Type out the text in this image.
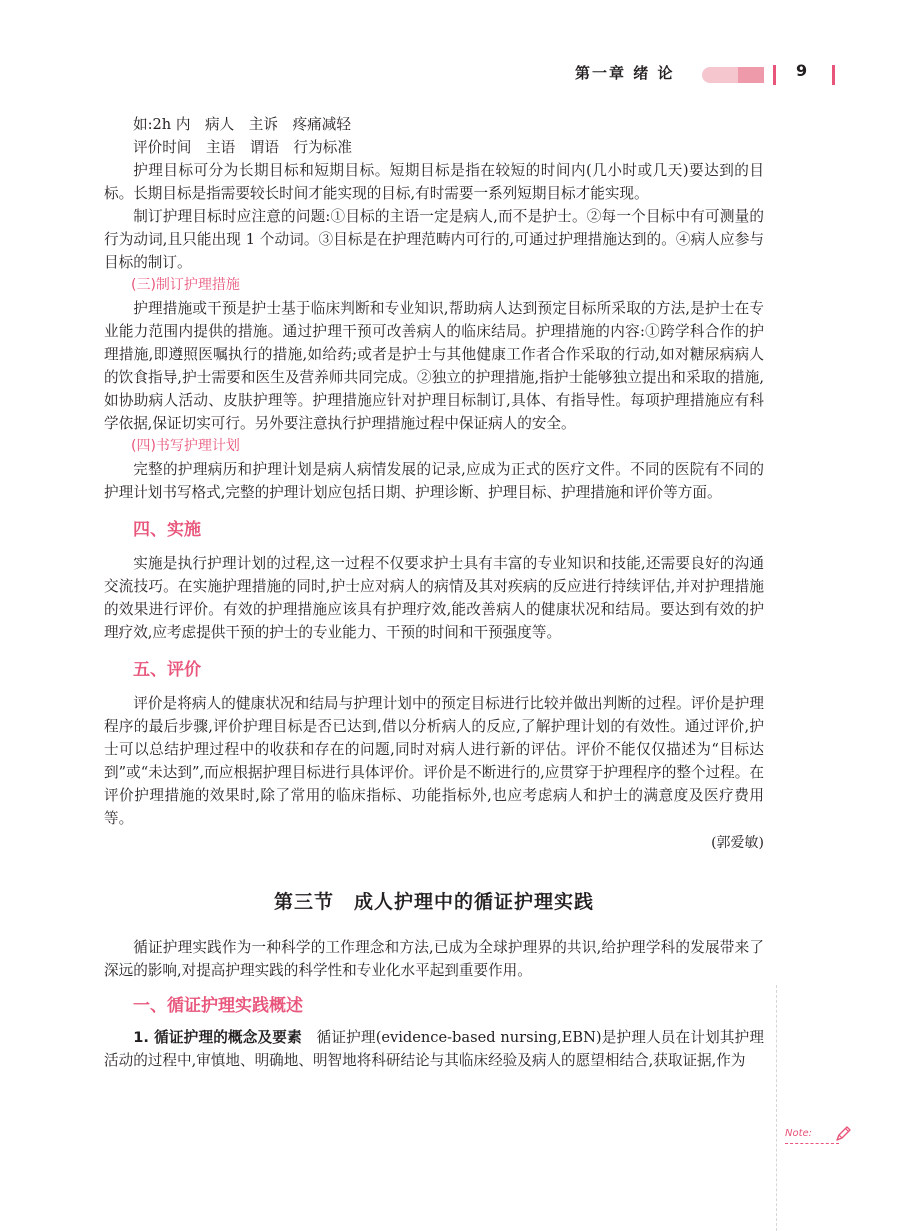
第一章 绪 论	9

如:2h 内　病人　主诉　疼痛减轻

评价时间　主语　谓语　行为标准

护理目标可分为长期目标和短期目标。短期目标是指在较短的时间内(几小时或几天)要达到的目标。长期目标是指需要较长时间才能实现的目标,有时需要一系列短期目标才能实现。

制订护理目标时应注意的问题:①目标的主语一定是病人,而不是护士。②每一个目标中有可测量的行为动词,且只能出现 1 个动词。③目标是在护理范畴内可行的,可通过护理措施达到的。④病人应参与目标的制订。

(三)制订护理措施

护理措施或干预是护士基于临床判断和专业知识,帮助病人达到预定目标所采取的方法,是护士在专业能力范围内提供的措施。通过护理干预可改善病人的临床结局。护理措施的内容:①跨学科合作的护理措施,即遵照医嘱执行的措施,如给药;或者是护士与其他健康工作者合作采取的行动,如对糖尿病病人的饮食指导,护士需要和医生及营养师共同完成。②独立的护理措施,指护士能够独立提出和采取的措施,如协助病人活动、皮肤护理等。护理措施应针对护理目标制订,具体、有指导性。每项护理措施应有科学依据,保证切实可行。另外要注意执行护理措施过程中保证病人的安全。

(四)书写护理计划

完整的护理病历和护理计划是病人病情发展的记录,应成为正式的医疗文件。不同的医院有不同的护理计划书写格式,完整的护理计划应包括日期、护理诊断、护理目标、护理措施和评价等方面。

四、实施

实施是执行护理计划的过程,这一过程不仅要求护士具有丰富的专业知识和技能,还需要良好的沟通交流技巧。在实施护理措施的同时,护士应对病人的病情及其对疾病的反应进行持续评估,并对护理措施的效果进行评价。有效的护理措施应该具有护理疗效,能改善病人的健康状况和结局。要达到有效的护理疗效,应考虑提供干预的护士的专业能力、干预的时间和干预强度等。

五、评价

评价是将病人的健康状况和结局与护理计划中的预定目标进行比较并做出判断的过程。评价是护理程序的最后步骤,评价护理目标是否已达到,借以分析病人的反应,了解护理计划的有效性。通过评价,护士可以总结护理过程中的收获和存在的问题,同时对病人进行新的评估。评价不能仅仅描述为“目标达到”或“未达到”,而应根据护理目标进行具体评价。评价是不断进行的,应贯穿于护理程序的整个过程。在评价护理措施的效果时,除了常用的临床指标、功能指标外,也应考虑病人和护士的满意度及医疗费用等。

(郭爱敏)
第三节　成人护理中的循证护理实践

循证护理实践作为一种科学的工作理念和方法,已成为全球护理界的共识,给护理学科的发展带来了深远的影响,对提高护理实践的科学性和专业化水平起到重要作用。

一、循证护理实践概述

1. 循证护理的概念及要素　循证护理(evidence-based nursing,EBN)是护理人员在计划其护理活动的过程中,审慎地、明确地、明智地将科研结论与其临床经验及病人的愿望相结合,获取证据,作为

Note:
